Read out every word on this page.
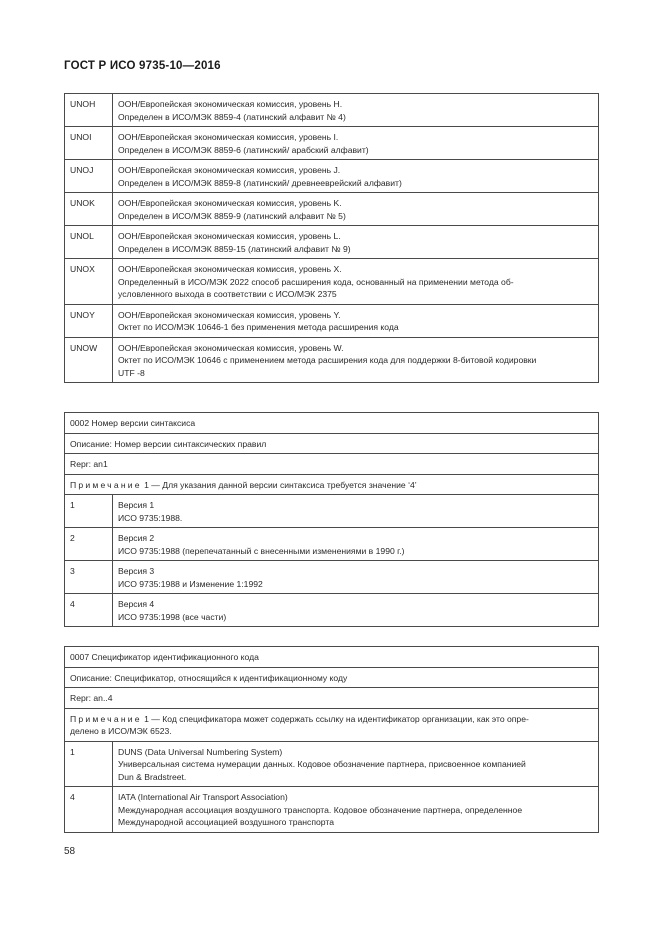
ГОСТ Р ИСО 9735-10—2016
UNOH	ООН/Европейская экономическая комиссия, уровень H.
Определен в ИСО/МЭК 8859-4 (латинский алфавит № 4)

UNOI	ООН/Европейская экономическая комиссия, уровень I.
Определен в ИСО/МЭК 8859-6 (латинский/ арабский алфавит)

UNOJ	ООН/Европейская экономическая комиссия, уровень J.
Определен в ИСО/МЭК 8859-8 (латинский/ древнееврейский алфавит)

UNOK	ООН/Европейская экономическая комиссия, уровень K.
Определен в ИСО/МЭК 8859-9 (латинский алфавит № 5)

UNOL	ООН/Европейская экономическая комиссия, уровень L.
Определен в ИСО/МЭК 8859-15 (латинский алфавит № 9)

UNOX	ООН/Европейская экономическая комиссия, уровень X.
Определенный в ИСО/МЭК 2022 способ расширения кода, основанный на применении метода об-
условленного выхода в соответствии с ИСО/МЭК 2375

UNOY	ООН/Европейская экономическая комиссия, уровень Y.
Октет по ИСО/МЭК 10646-1 без применения метода расширения кода

UNOW	ООН/Европейская экономическая комиссия, уровень W.
Октет по ИСО/МЭК 10646 с применением метода расширения кода для поддержки 8-битовой кодировки
UTF -8
0002 Номер версии синтаксиса	
Описание: Номер версии синтаксических правил	
Repr: an1	
Примечание 1 — Для указания данной версии синтаксиса требуется значение ‘4’	
1	Версия 1
ИСО 9735:1988.

2	Версия 2
ИСО 9735:1988 (перепечатанный с внесенными изменениями в 1990 г.)

3	Версия 3
ИСО 9735:1988 и Изменение 1:1992

4	Версия 4
ИСО 9735:1998 (все части)
0007 Спецификатор идентификационного кода	
Описание: Спецификатор, относящийся к идентификационному коду	
Repr: an..4	

Примечание 1 — Код спецификатора может содержать ссылку на идентификатор организации, как это опре-
делено в ИСО/МЭК 6523.	

1	DUNS (Data Universal Numbering System)
Универсальная система нумерации данных. Кодовое обозначение партнера, присвоенное компанией
Dun & Bradstreet.

4	IATA (International Air Transport Association)
Международная ассоциация воздушного транспорта. Кодовое обозначение партнера, определенное
Международной ассоциацией воздушного транспорта
58
